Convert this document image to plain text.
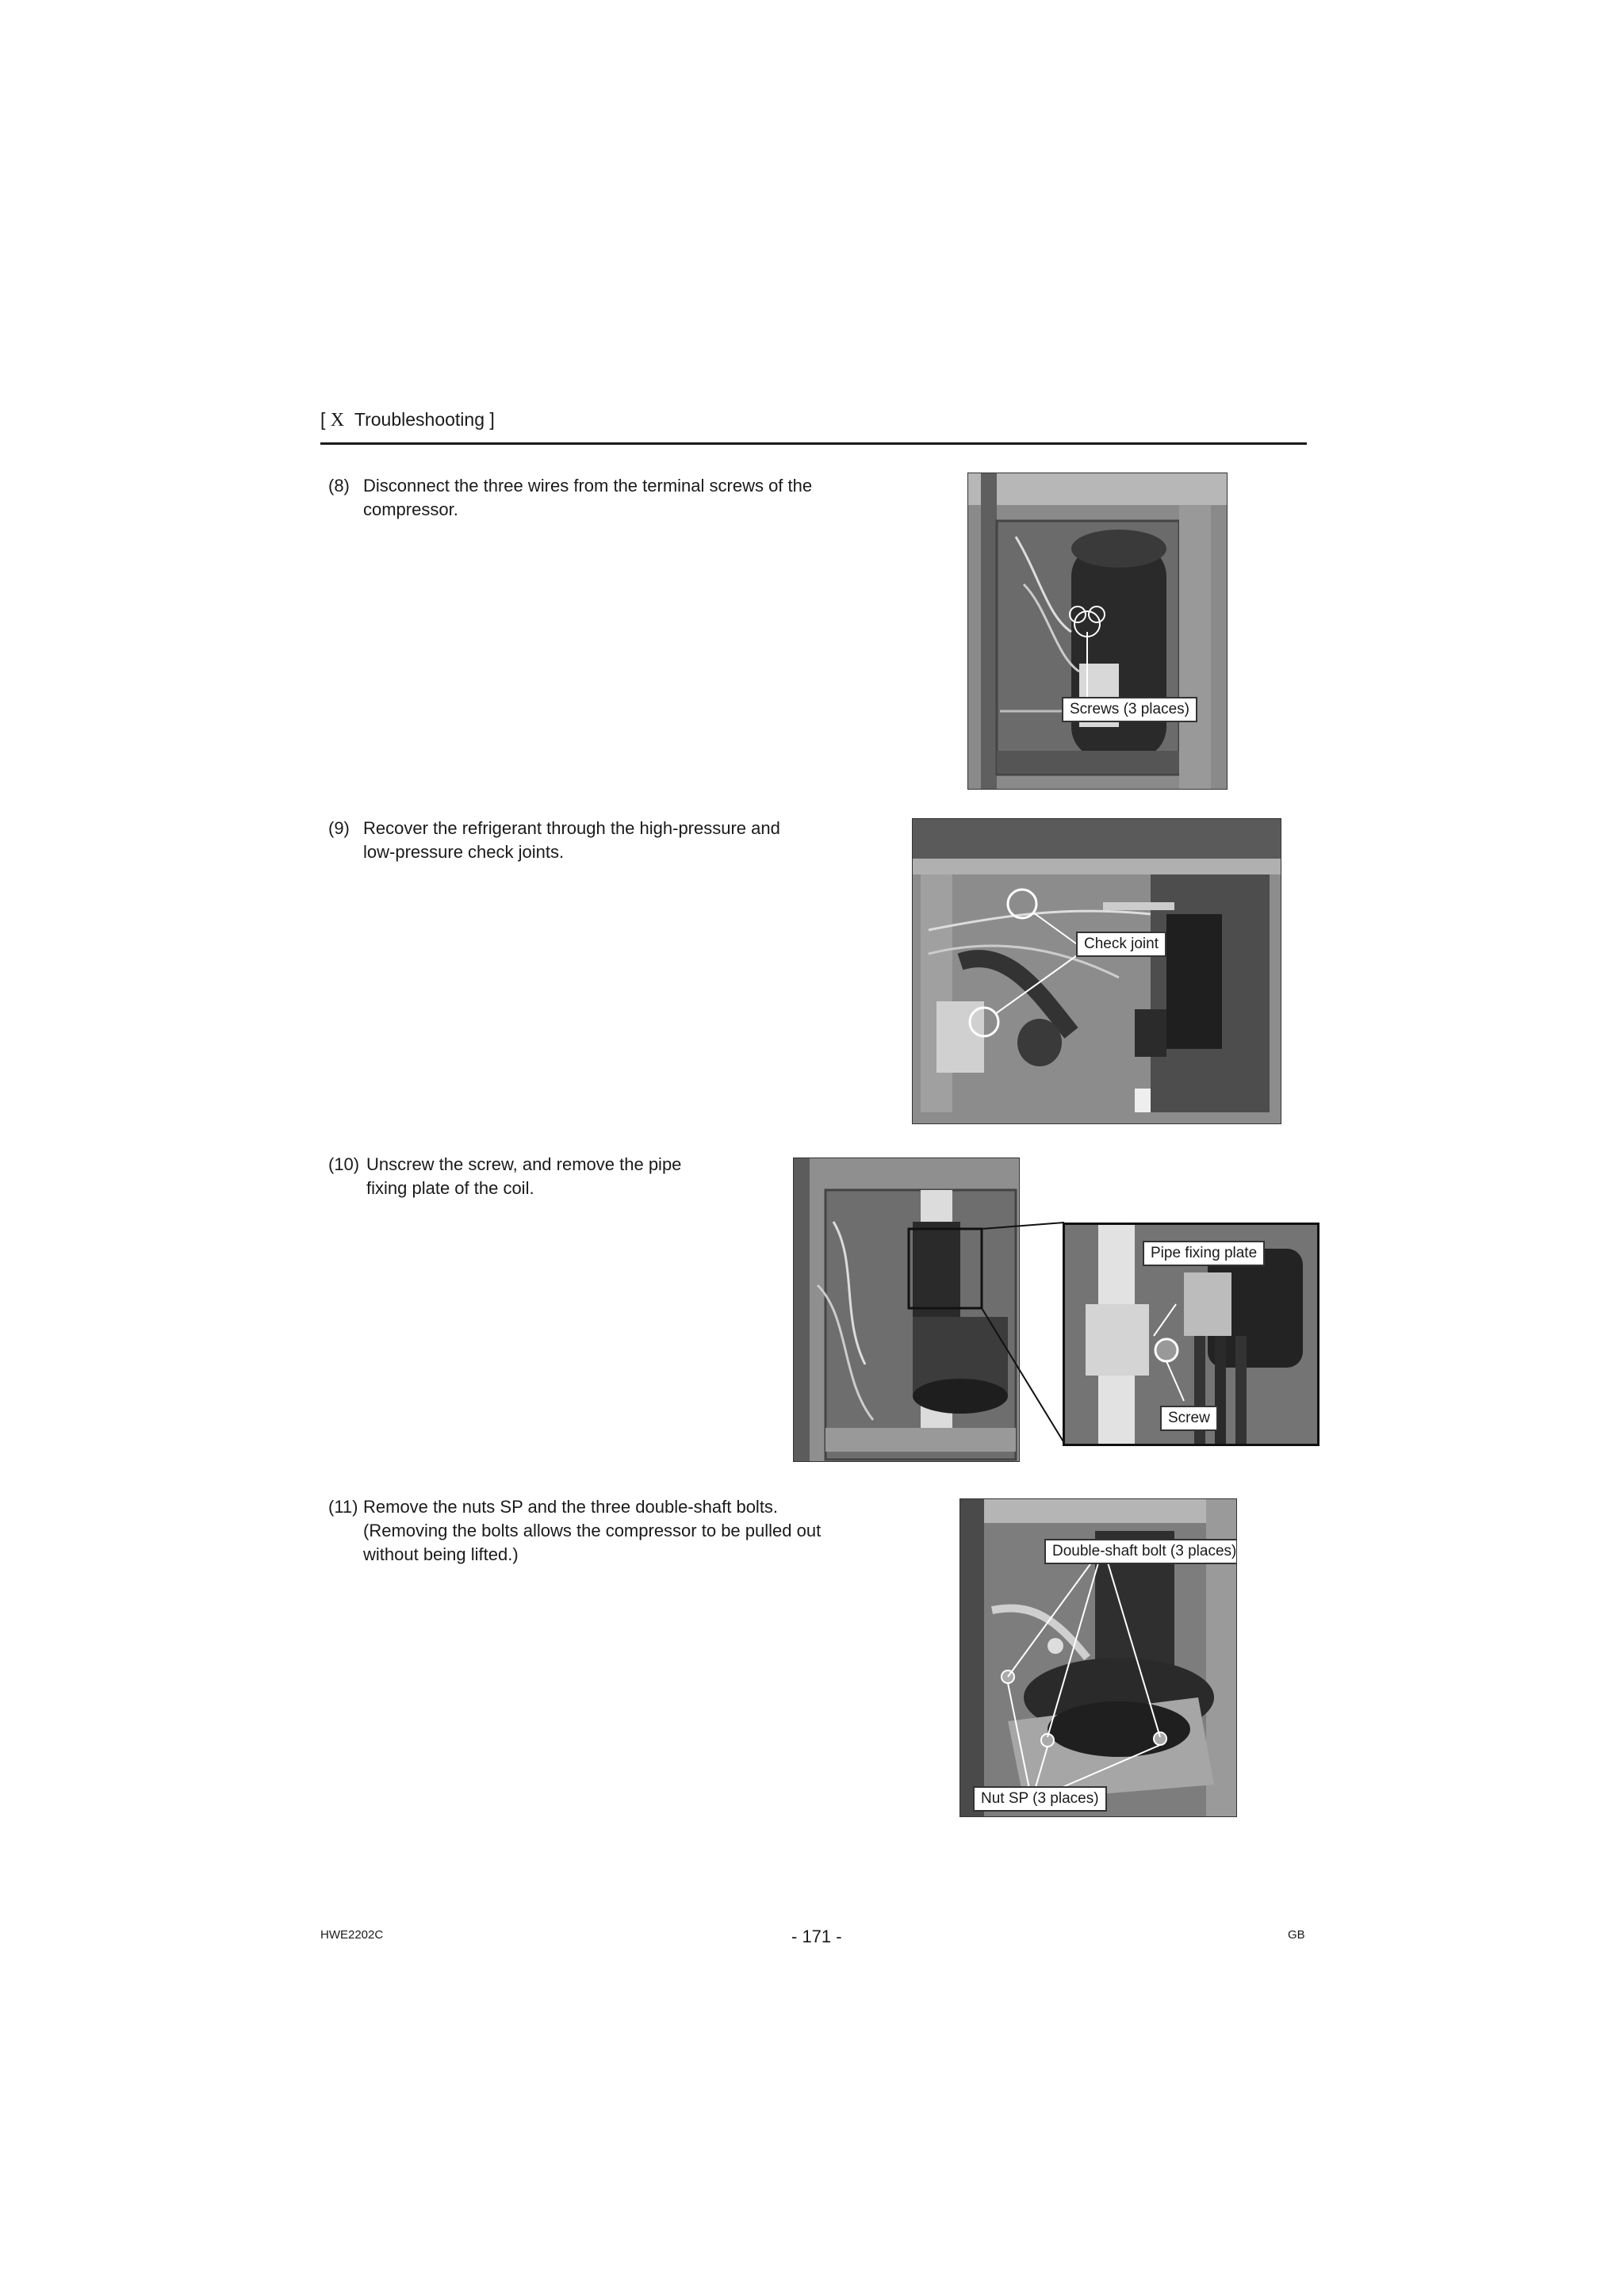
[ X Troubleshooting ]
(8) Disconnect the three wires from the terminal screws of the
compressor.
(9) Recover the refrigerant through the high-pressure and
low-pressure check joints.
(10) Unscrew the screw, and remove the pipe
fixing plate of the coil.
(11) Remove the nuts SP and the three double-shaft bolts.
(Removing the bolts allows the compressor to be pulled out
without being lifted.)
Screws (3 places)
Check joint
Pipe fixing plate
Screw
Double-shaft bolt (3 places)
Nut SP (3 places)
HWE2202C	- 171 -	GB
